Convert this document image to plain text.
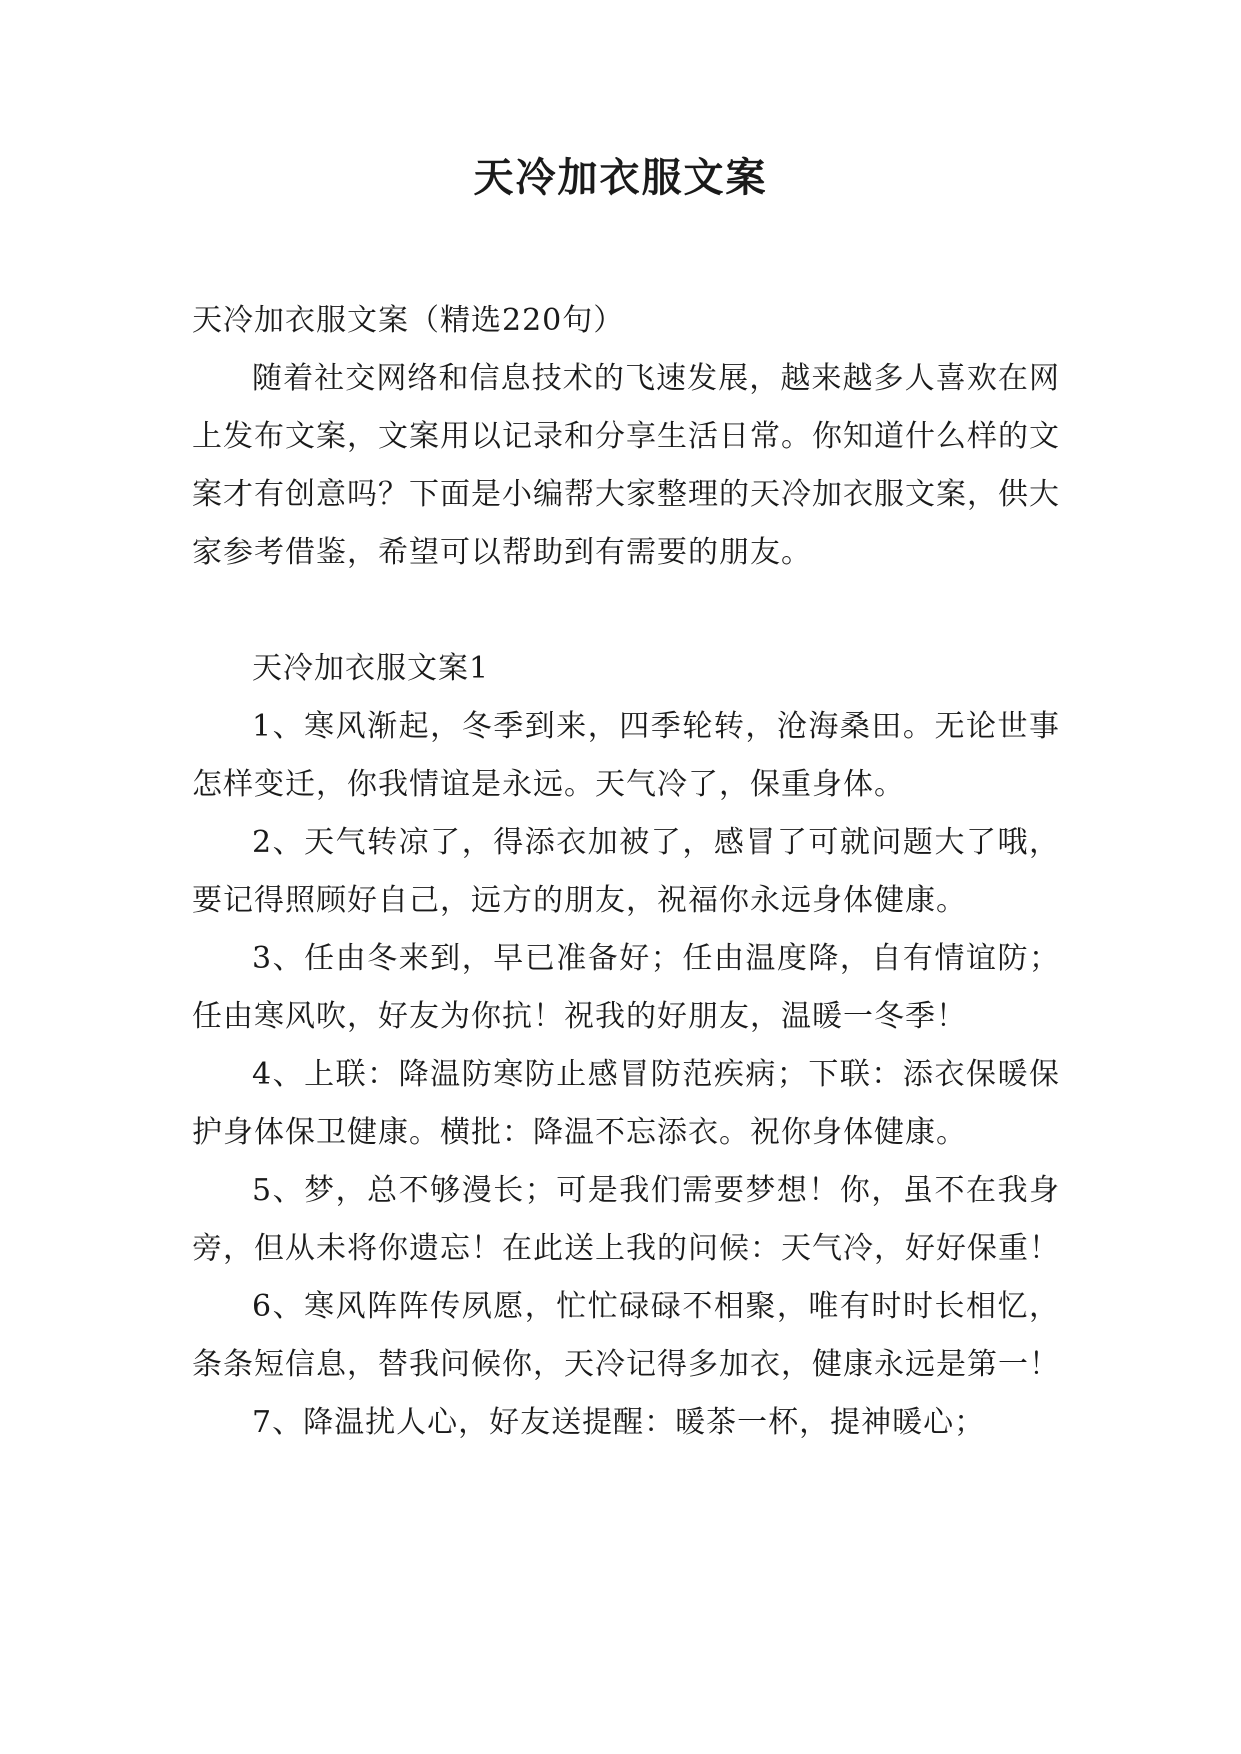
天冷加衣服文案

天冷加衣服文案（精选220句）

随着社交网络和信息技术的飞速发展，越来越多人喜欢在网上发布文案，文案用以记录和分享生活日常。你知道什么样的文案才有创意吗？下面是小编帮大家整理的天冷加衣服文案，供大家参考借鉴，希望可以帮助到有需要的朋友。

天冷加衣服文案1

1、寒风渐起，冬季到来，四季轮转，沧海桑田。无论世事怎样变迁，你我情谊是永远。天气冷了，保重身体。

2、天气转凉了，得添衣加被了，感冒了可就问题大了哦，要记得照顾好自己，远方的朋友，祝福你永远身体健康。

3、任由冬来到，早已准备好；任由温度降，自有情谊防；任由寒风吹，好友为你抗！祝我的好朋友，温暖一冬季！

4、上联：降温防寒防止感冒防范疾病；下联：添衣保暖保护身体保卫健康。横批：降温不忘添衣。祝你身体健康。

5、梦，总不够漫长；可是我们需要梦想！你，虽不在我身旁，但从未将你遗忘！在此送上我的问候：天气冷，好好保重！

6、寒风阵阵传夙愿，忙忙碌碌不相聚，唯有时时长相忆，条条短信息，替我问候你，天冷记得多加衣，健康永远是第一！

7、降温扰人心，好友送提醒：暖茶一杯，提神暖心；
